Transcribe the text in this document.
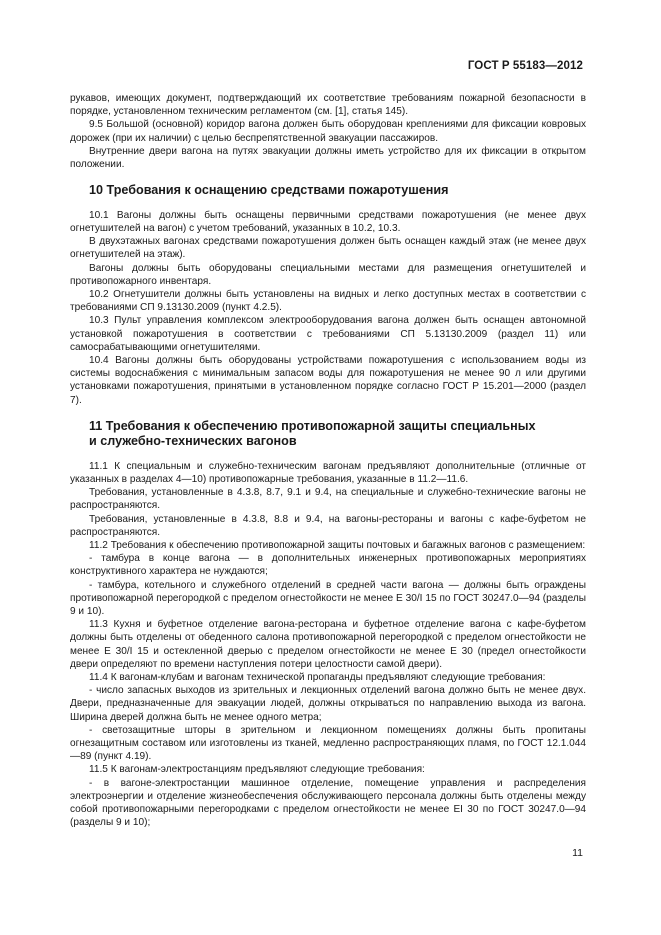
ГОСТ Р 55183—2012

рукавов, имеющих документ, подтверждающий их соответствие требованиям пожарной безопасности в порядке, установленном техническим регламентом (см. [1], статья 145).

9.5 Большой (основной) коридор вагона должен быть оборудован креплениями для фиксации ковровых дорожек (при их наличии) с целью беспрепятственной эвакуации пассажиров.

Внутренние двери вагона на путях эвакуации должны иметь устройство для их фиксации в открытом положении.

10 Требования к оснащению средствами пожаротушения

10.1 Вагоны должны быть оснащены первичными средствами пожаротушения (не менее двух огнетушителей на вагон) с учетом требований, указанных в 10.2, 10.3.

В двухэтажных вагонах средствами пожаротушения должен быть оснащен каждый этаж (не менее двух огнетушителей на этаж).

Вагоны должны быть оборудованы специальными местами для размещения огнетушителей и противопожарного инвентаря.

10.2 Огнетушители должны быть установлены на видных и легко доступных местах в соответствии с требованиями СП 9.13130.2009 (пункт 4.2.5).

10.3 Пульт управления комплексом электрооборудования вагона должен быть оснащен автономной установкой пожаротушения в соответствии с требованиями СП 5.13130.2009 (раздел 11) или самосрабатывающими огнетушителями.

10.4 Вагоны должны быть оборудованы устройствами пожаротушения с использованием воды из системы водоснабжения с минимальным запасом воды для пожаротушения не менее 90 л или другими установками пожаротушения, принятыми в установленном порядке согласно ГОСТ Р 15.201—2000 (раздел 7).

11 Требования к обеспечению противопожарной защиты специальных
и служебно-технических вагонов

11.1 К специальным и служебно-техническим вагонам предъявляют дополнительные (отличные от указанных в разделах 4—10) противопожарные требования, указанные в 11.2—11.6.

Требования, установленные в 4.3.8, 8.7, 9.1 и 9.4, на специальные и служебно-технические вагоны не распространяются.

Требования, установленные в 4.3.8, 8.8 и 9.4, на вагоны-рестораны и вагоны с кафе-буфетом не распространяются.

11.2 Требования к обеспечению противопожарной защиты почтовых и багажных вагонов с размещением:

- тамбура в конце вагона — в дополнительных инженерных противопожарных мероприятиях конструктивного характера не нуждаются;

- тамбура, котельного и служебного отделений в средней части вагона — должны быть ограждены противопожарной перегородкой с пределом огнестойкости не менее Е 30/I 15 по ГОСТ 30247.0—94 (разделы 9 и 10).

11.3 Кухня и буфетное отделение вагона-ресторана и буфетное отделение вагона с кафе-буфетом должны быть отделены от обеденного салона противопожарной перегородкой с пределом огнестойкости не менее Е 30/I 15 и остекленной дверью с пределом огнестойкости не менее Е 30 (предел огнестойкости двери определяют по времени наступления потери целостности самой двери).

11.4 К вагонам-клубам и вагонам технической пропаганды предъявляют следующие требования:

- число запасных выходов из зрительных и лекционных отделений вагона должно быть не менее двух. Двери, предназначенные для эвакуации людей, должны открываться по направлению выхода из вагона. Ширина дверей должна быть не менее одного метра;

- светозащитные шторы в зрительном и лекционном помещениях должны быть пропитаны огнезащитным составом или изготовлены из тканей, медленно распространяющих пламя, по ГОСТ 12.1.044—89 (пункт 4.19).

11.5 К вагонам-электростанциям предъявляют следующие требования:

- в вагоне-электростанции машинное отделение, помещение управления и распределения электроэнергии и отделение жизнеобеспечения обслуживающего персонала должны быть отделены между собой противопожарными перегородками с пределом огнестойкости не менее EI 30 по ГОСТ 30247.0—94 (разделы 9 и 10);

11
